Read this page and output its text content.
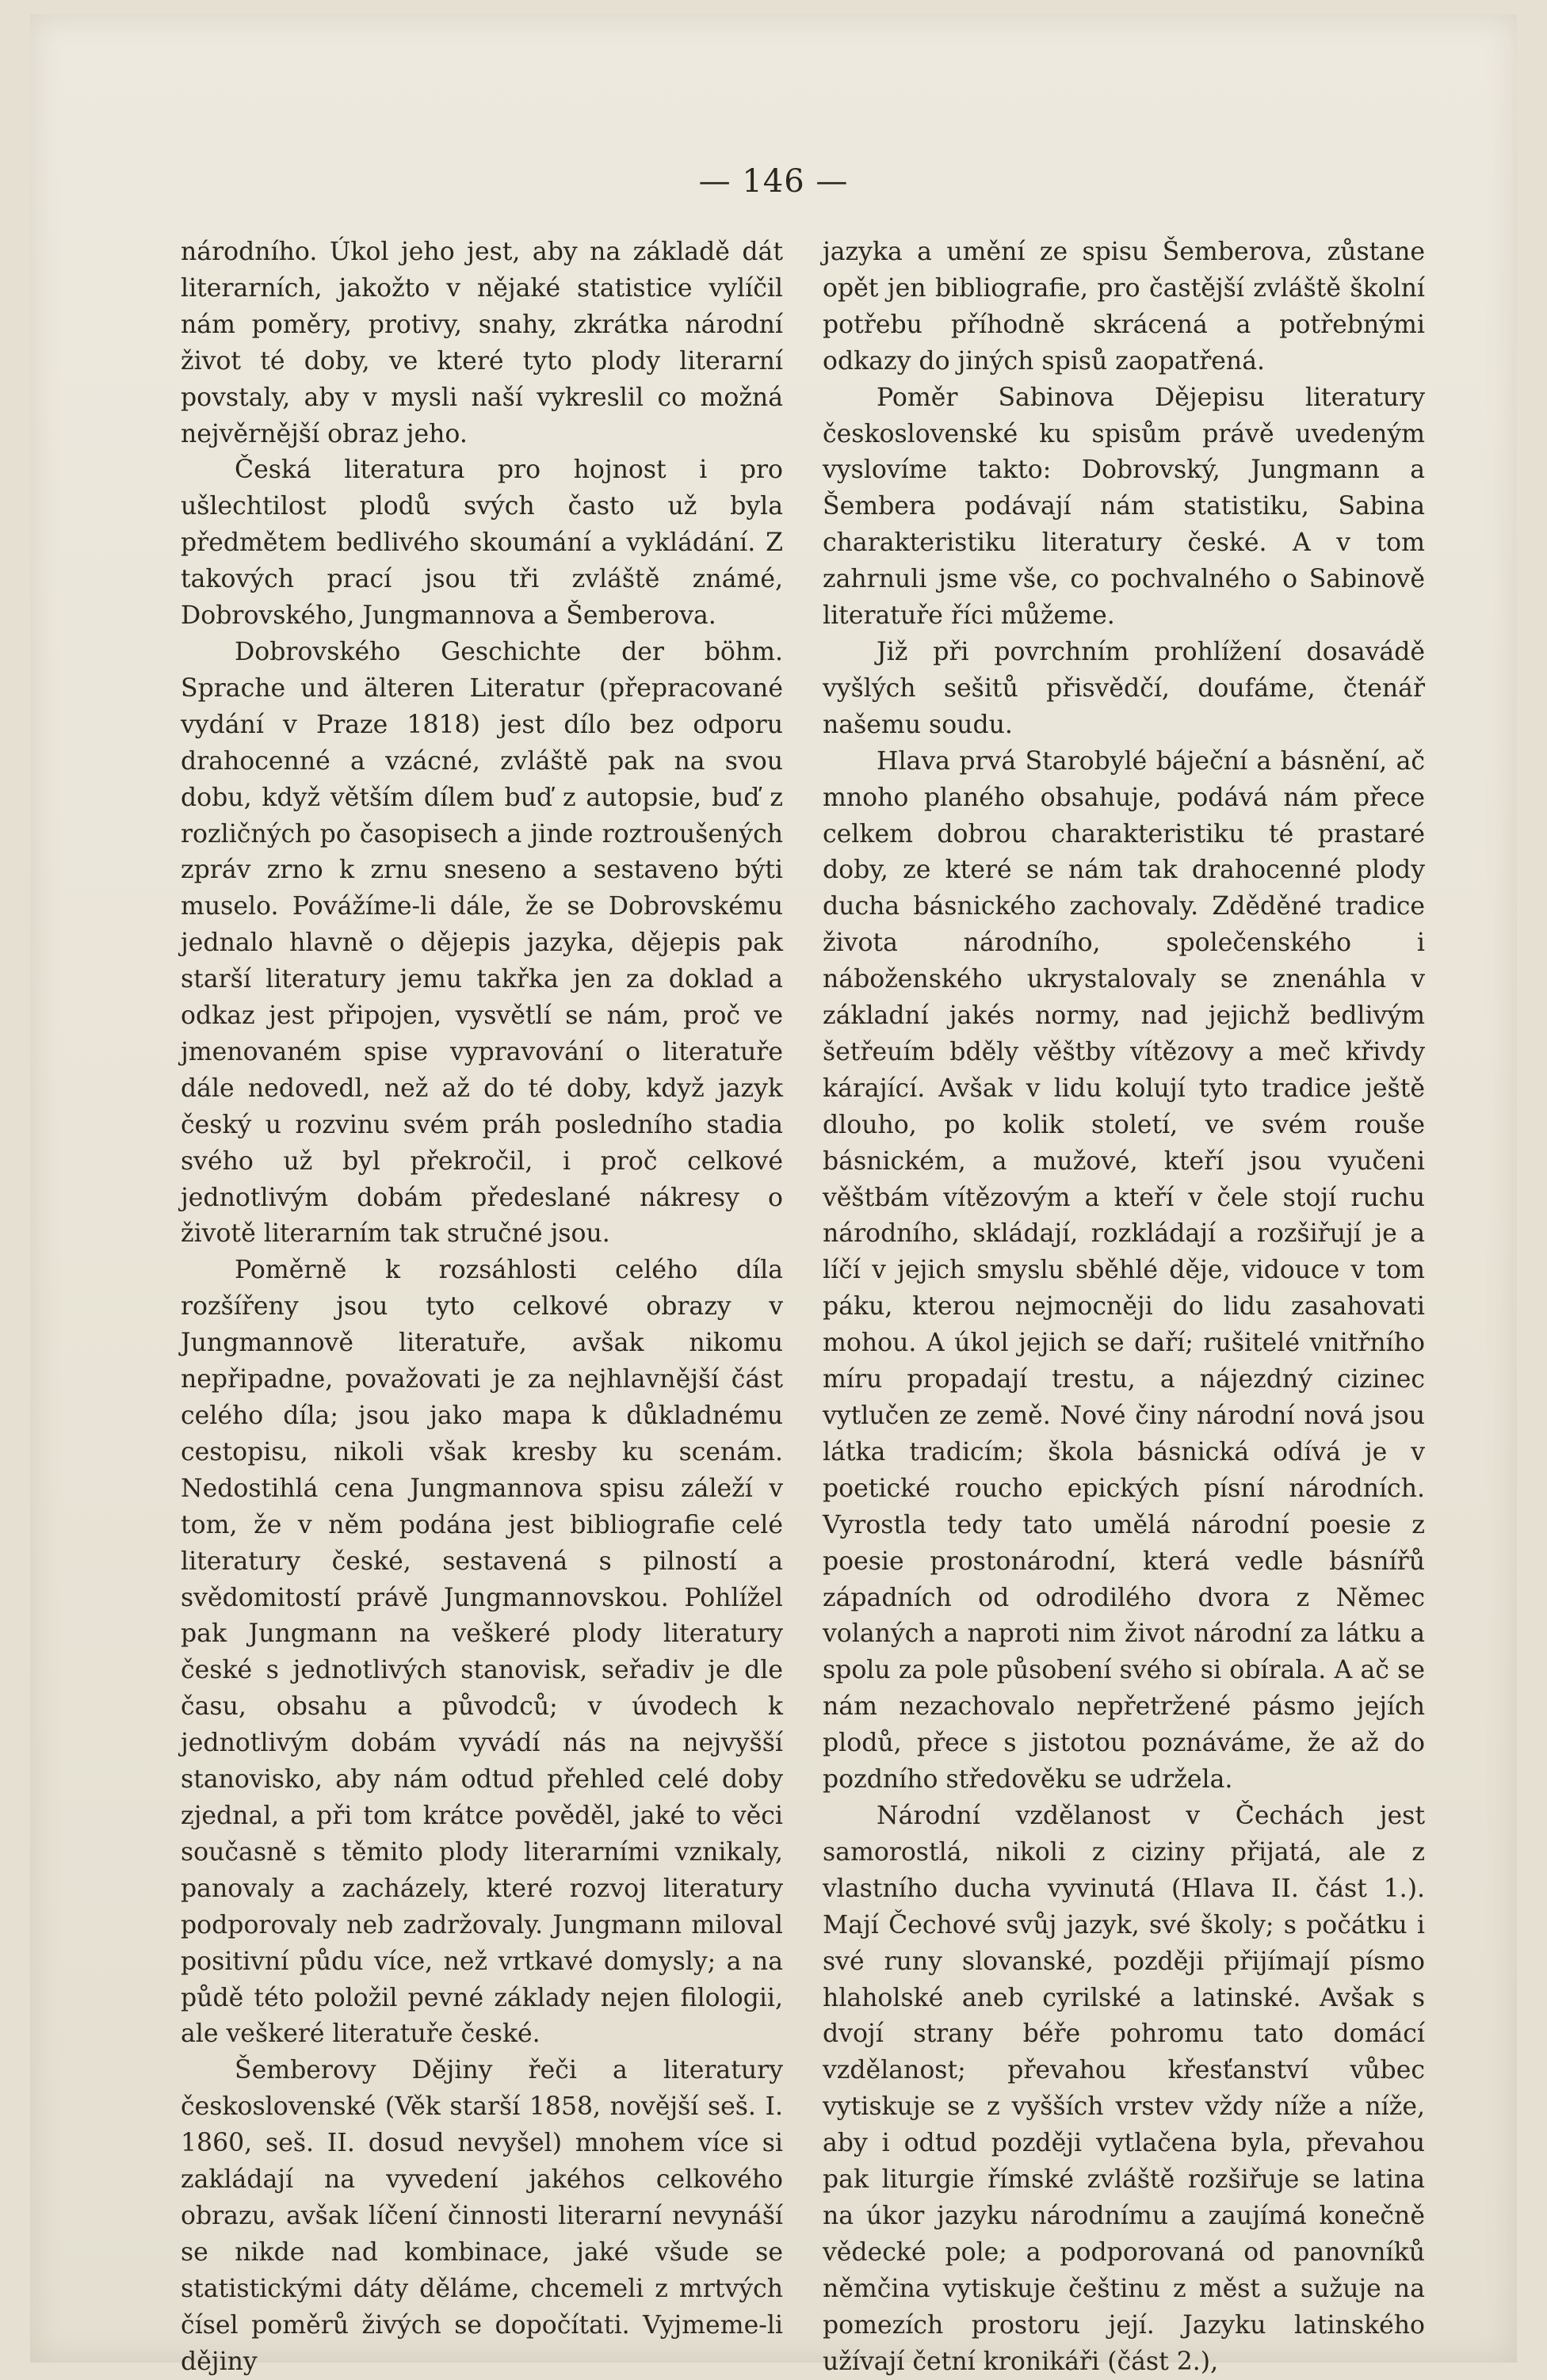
— 146 —

národního. Úkol jeho jest, aby na základě dát literarních, jakožto v nějaké statistice vylíčil nám poměry, protivy, snahy, zkrátka národní život té doby, ve které tyto plody literarní povstaly, aby v mysli naší vykreslil co možná nejvěrnější obraz jeho.

Česká literatura pro hojnost i pro ušlechtilost plodů svých často už byla předmětem bedlivého skoumání a vykládání. Z takových prací jsou tři zvláště známé, Dobrovského, Jungmannova a Šemberova.

Dobrovského Geschichte der böhm. Sprache und älteren Literatur (přepracované vydání v Praze 1818) jest dílo bez odporu drahocenné a vzácné, zvláště pak na svou dobu, když větším dílem buď z autopsie, buď z rozličných po časopisech a jinde roztroušených zpráv zrno k zrnu sneseno a sestaveno býti muselo. Povážíme-li dále, že se Dobrovskému jednalo hlavně o dějepis jazyka, dějepis pak starší literatury jemu takřka jen za doklad a odkaz jest připojen, vysvětlí se nám, proč ve jmenovaném spise vypravování o literatuře dále nedovedl, než až do té doby, když jazyk český u rozvinu svém práh posledního stadia svého už byl překročil, i proč celkové jednotlivým dobám předeslané nákresy o životě literarním tak stručné jsou.

Poměrně k rozsáhlosti celého díla rozšířeny jsou tyto celkové obrazy v Jungmannově literatuře, avšak nikomu nepřipadne, považovati je za nejhlavnější část celého díla; jsou jako mapa k důkladnému cestopisu, nikoli však kresby ku scenám. Nedostihlá cena Jungmannova spisu záleží v tom, že v něm podána jest bibliografie celé literatury české, sestavená s pilností a svědomitostí právě Jungmannovskou. Pohlížel pak Jungmann na veškeré plody literatury české s jednotlivých stanovisk, seřadiv je dle času, obsahu a původců; v úvodech k jednotlivým dobám vyvádí nás na nejvyšší stanovisko, aby nám odtud přehled celé doby zjednal, a při tom krátce pověděl, jaké to věci současně s těmito plody literarními vznikaly, panovaly a zacházely, které rozvoj literatury podporovaly neb zadržovaly. Jungmann miloval positivní půdu více, než vrtkavé domysly; a na půdě této položil pevné základy nejen filologii, ale veškeré literatuře české.

Šemberovy Dějiny řeči a literatury československé (Věk starší 1858, novější seš. I. 1860, seš. II. dosud nevyšel) mnohem více si zakládají na vyvedení jakéhos celkového obrazu, avšak líčení činnosti literarní nevynáší se nikde nad kombinace, jaké všude se statistickými dáty děláme, chcemeli z mrtvých čísel poměrů živých se dopočítati. Vyjmeme-li dějiny

jazyka a umění ze spisu Šemberova, zůstane opět jen bibliografie, pro častější zvláště školní potřebu příhodně skrácená a potřebnými odkazy do jiných spisů zaopatřená.

Poměr Sabinova Dějepisu literatury československé ku spisům právě uvedeným vyslovíme takto: Dobrovský, Jungmann a Šembera podávají nám statistiku, Sabina charakteristiku literatury české. A v tom zahrnuli jsme vše, co pochvalného o Sabinově literatuře říci můžeme.

Již při povrchním prohlížení dosavádě vyšlých sešitů přisvědčí, doufáme, čtenář našemu soudu.

Hlava prvá Starobylé báječní a básnění, ač mnoho planého obsahuje, podává nám přece celkem dobrou charakteristiku té prastaré doby, ze které se nám tak drahocenné plody ducha básnického zachovaly. Zděděné tradice života národního, společenského i náboženského ukrystalovaly se znenáhla v základní jakés normy, nad jejichž bedlivým šetřeuím bděly věštby vítězovy a meč křivdy kárající. Avšak v lidu kolují tyto tradice ještě dlouho, po kolik století, ve svém rouše básnickém, a mužové, kteří jsou vyučeni věštbám vítězovým a kteří v čele stojí ruchu národního, skládají, rozkládají a rozšiřují je a líčí v jejich smyslu sběhlé děje, vidouce v tom páku, kterou nejmocněji do lidu zasahovati mohou. A úkol jejich se daří; rušitelé vnitřního míru propadají trestu, a nájezdný cizinec vytlučen ze země. Nové činy národní nová jsou látka tradicím; škola básnická odívá je v poetické roucho epických písní národních. Vyrostla tedy tato umělá národní poesie z poesie prostonárodní, která vedle básnířů západních od odrodilého dvora z Němec volaných a naproti nim život národní za látku a spolu za pole působení svého si obírala. A ač se nám nezachovalo nepřetržené pásmo jejích plodů, přece s jistotou poznáváme, že až do pozdního středověku se udržela.

Národní vzdělanost v Čechách jest samorostlá, nikoli z ciziny přijatá, ale z vlastního ducha vyvinutá (Hlava II. část 1.). Mají Čechové svůj jazyk, své školy; s počátku i své runy slovanské, později přijímají písmo hlaholské aneb cyrilské a latinské. Avšak s dvojí strany béře pohromu tato domácí vzdělanost; převahou křesťanství vůbec vytiskuje se z vyšších vrstev vždy níže a níže, aby i odtud později vytlačena byla, převahou pak liturgie římské zvláště rozšiřuje se latina na úkor jazyku národnímu a zaujímá konečně vědecké pole; a podporovaná od panovníků němčina vytiskuje češtinu z měst a sužuje na pomezích prostoru její. Jazyku latinského užívají četní kronikáři (část 2.),
